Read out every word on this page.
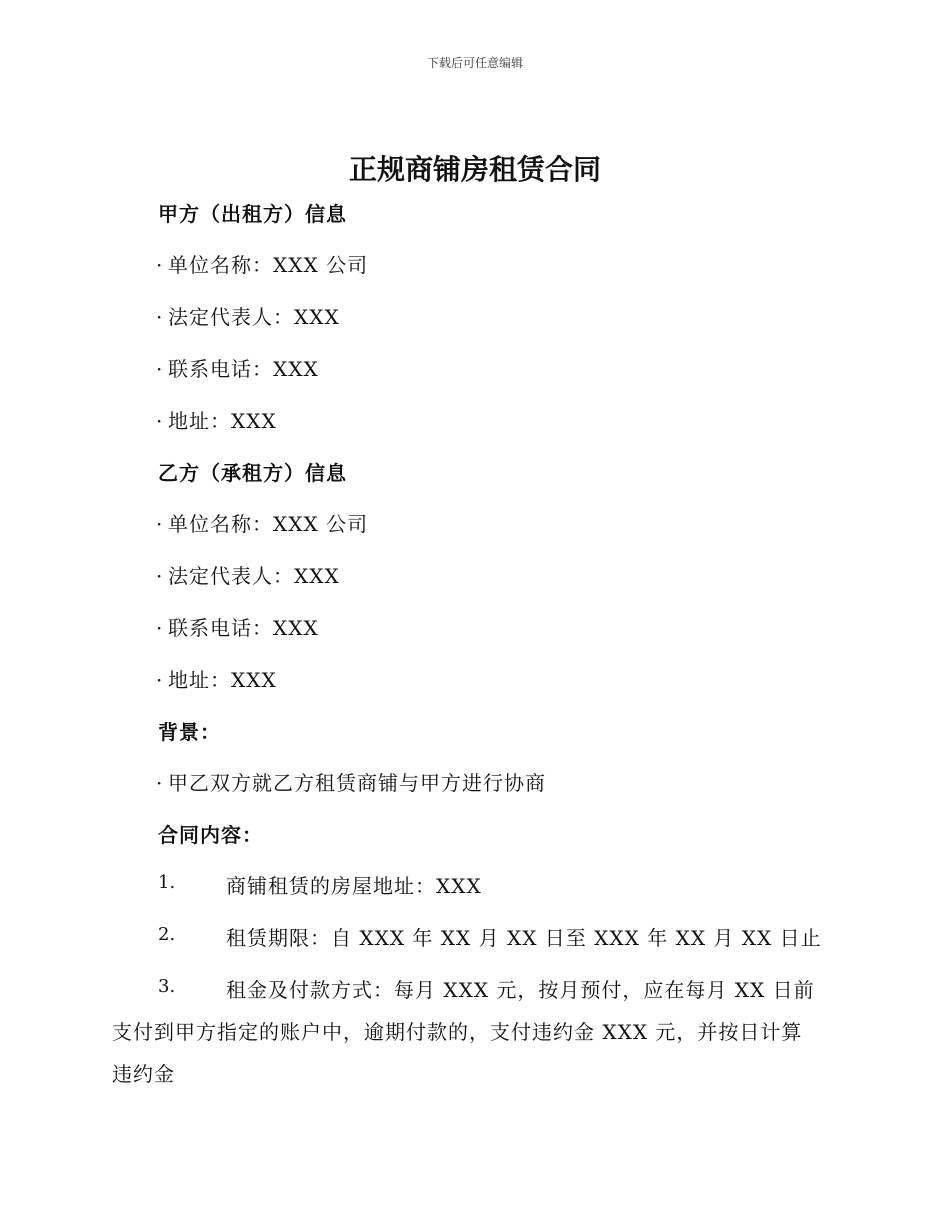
下载后可任意编辑
正规商铺房租赁合同
甲方（出租方）信息
· 单位名称：XXX 公司
· 法定代表人：XXX
· 联系电话：XXX
· 地址：XXX
乙方（承租方）信息
· 单位名称：XXX 公司
· 法定代表人：XXX
· 联系电话：XXX
· 地址：XXX
背景：
· 甲乙双方就乙方租赁商铺与甲方进行协商
合同内容：
1.	商铺租赁的房屋地址：XXX
2.	租赁期限：自 XXX 年 XX 月 XX 日至 XXX 年 XX 月 XX 日止
3.	租金及付款方式：每月 XXX 元，按月预付，应在每月 XX 日前
支付到甲方指定的账户中，逾期付款的，支付违约金 XXX 元，并按日计算
违约金
